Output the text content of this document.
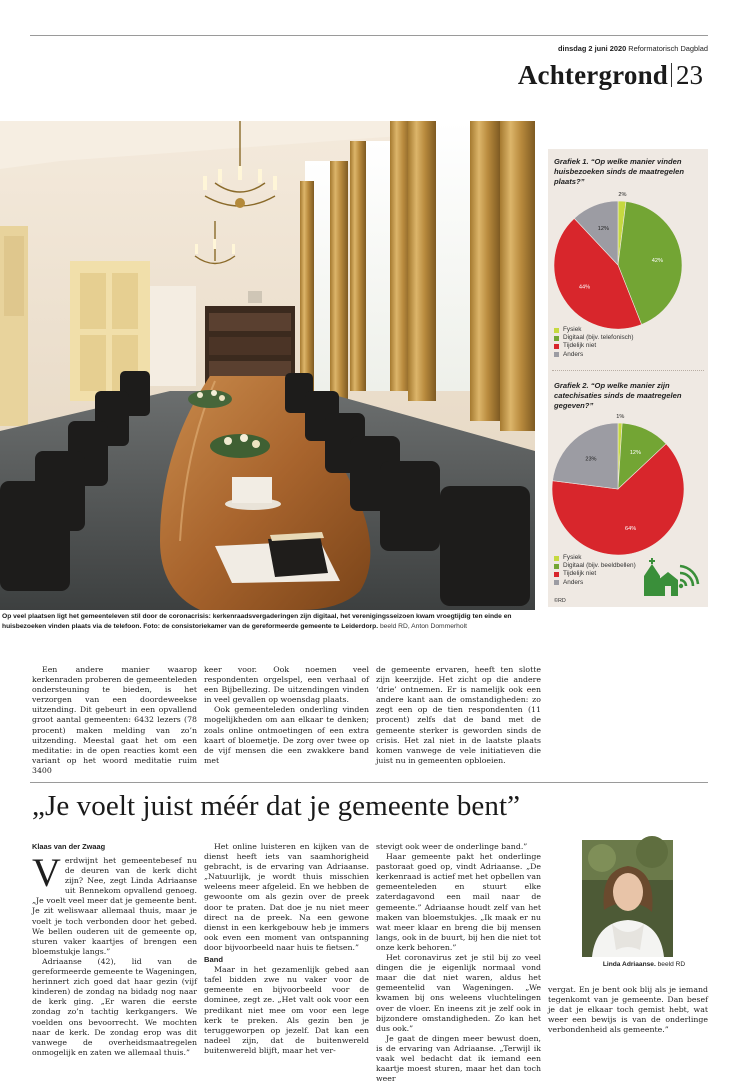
dinsdag 2 juni 2020 Reformatorisch Dagblad
Achtergrond 23
Op veel plaatsen ligt het gemeenteleven stil door de coronacrisis: kerkenraadsvergaderingen zijn digitaal, het verenigingsseizoen kwam vroegtijdig ten einde en huisbezoeken vinden plaats via de telefoon. Foto: de consistoriekamer van de gereformeerde gemeente te Leiderdorp. beeld RD, Anton Dommerholt
Grafiek 1. “Op welke manier vinden huisbezoeken sinds de maatregelen plaats?”
2%
42%
44%
12%
Fysiek
Digitaal (bijv. telefonisch)
Tijdelijk niet
Anders
Grafiek 2. “Op welke manier zijn catechisaties sinds de maatregelen gegeven?”
1%
12%
64%
23%
Fysiek
Digitaal (bijv. beeldbellen)
Tijdelijk niet
Anders
©RD

Een andere manier waarop kerkenraden proberen de gemeenteleden ondersteuning te bieden, is het verzorgen van een doordeweekse uitzending. Dit gebeurt in een opvallend groot aantal gemeenten: 6432 lezers (78 procent) maken melding van zo’n uitzending. Meestal gaat het om een meditatie: in de open reacties komt een variant op het woord meditatie ruim 3400

keer voor. Ook noemen veel respondenten orgelspel, een verhaal of een Bijbellezing. De uitzendingen vinden in veel gevallen op woensdag plaats.

Ook gemeenteleden onderling vinden mogelijkheden om aan elkaar te denken; zoals online ontmoetingen of een extra kaart of bloemetje. De zorg over twee op de vijf mensen die een zwakkere band met

de gemeente ervaren, heeft ten slotte zijn keerzijde. Het zicht op die andere ‘drie’ ontnemen. Er is namelijk ook een andere kant aan de omstandigheden: zo zegt een op de tien respondenten (11 procent) zelfs dat de band met de gemeente sterker is geworden sinds de crisis. Het zal niet in de laatste plaats komen vanwege de vele initiatieven die juist nu in gemeenten opbloeien.

„Je voelt juist méér dat je gemeente bent”
Klaas van der Zwaag

Verdwijnt het gemeentebesef nu de deuren van de kerk dicht zijn? Nee, zegt Linda Adriaanse uit Bennekom opvallend genoeg. „Je voelt veel meer dat je gemeente bent. Je zit weliswaar allemaal thuis, maar je voelt je toch verbonden door het gebed. We bellen ouderen uit de gemeente op, sturen vaker kaartjes of brengen een bloemstukje langs.”

Adriaanse (42), lid van de gereformeerde gemeente te Wageningen, herinnert zich goed dat haar gezin (vijf kinderen) de zondag na bidadg nog naar de kerk ging. „Er waren die eerste zondag zo’n tachtig kerkgangers. We voelden ons bevoorrecht. We mochten naar de kerk. De zondag erop was dit vanwege de overheidsmaatregelen onmogelijk en zaten we allemaal thuis.”

Het online luisteren en kijken van de dienst heeft iets van saamhorigheid gebracht, is de ervaring van Adriaanse. „Natuurlijk, je wordt thuis misschien weleens meer afgeleid. En we hebben de gewoonte om als gezin over de preek door te praten. Dat doe je nu niet meer direct na de preek. Na een gewone dienst in een kerkgebouw heb je immers ook even een moment van ontspanning door bijvoorbeeld naar huis te fietsen.”

Band

Maar in het gezamenlijk gebed aan tafel bidden zwe nu vaker voor de gemeente en bijvoorbeeld voor de dominee, zegt ze. „Het valt ook voor een predikant niet mee om voor een lege kerk te preken. Als gezin ben je teruggeworpen op jezelf. Dat kan een nadeel zijn, dat de buitenwereld buitenwereld blijft, maar het ver-

stevigt ook weer de onderlinge band.”

Haar gemeente pakt het onderlinge pastoraat goed op, vindt Adriaanse. „De kerkenraad is actief met het opbellen van gemeenteleden en stuurt elke zaterdagavond een mail naar de gemeente.” Adriaanse houdt zelf van het maken van bloemstukjes. „Ik maak er nu wat meer klaar en breng die bij mensen langs, ook in de buurt, bij hen die niet tot onze kerk behoren.”

Het coronavirus zet je stil bij zo veel dingen die je eigenlijk normaal vond maar die dat niet waren, aldus het gemeentelid van Wageningen. „We kwamen bij ons weleens vluchtelingen over de vloer. En ineens zit je zelf ook in bijzondere omstandigheden. Zo kan het dus ook.”

Je gaat de dingen meer bewust doen, is de ervaring van Adriaanse. „Terwijl ik vaak wel bedacht dat ik iemand een kaartje moest sturen, maar het dan toch weer

Linda Adriaanse. beeld RD

vergat. En je bent ook blij als je iemand tegenkomt van je gemeente. Dan besef je dat je elkaar toch gemist hebt, wat weer een bewijs is van de onderlinge verbondenheid als gemeente.”
